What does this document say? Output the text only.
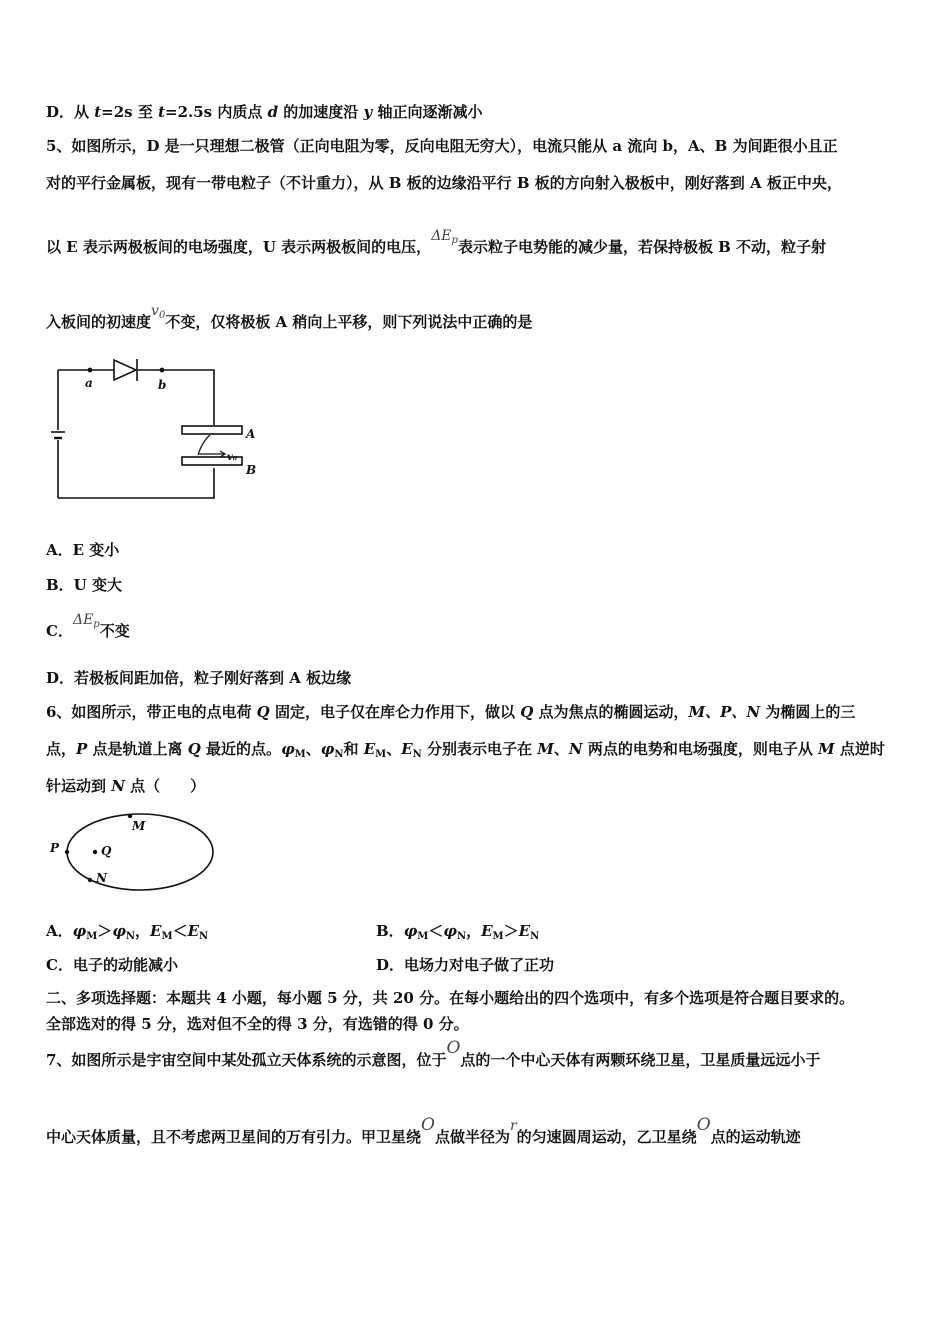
D．从 t=2s 至 t=2.5s 内质点 d 的加速度沿 y 轴正向逐渐减小
5、如图所示，D 是一只理想二极管（正向电阻为零，反向电阻无穷大），电流只能从 a 流向 b，A、B 为间距很小且正
对的平行金属板，现有一带电粒子（不计重力），从 B 板的边缘沿平行 B 板的方向射入极板中，刚好落到 A 板正中央，
以 E 表示两极板间的电场强度，U 表示两极板间的电压，$\Delta E_p$表示粒子电势能的减少量，若保持极板 B 不动，粒子射
入板间的初速度$v_0$不变，仅将极板 A 稍向上平移，则下列说法中正确的是
a	b
A
B
v₀
A．E 变小
B．U 变大
C．$\Delta E_p$不变
D．若极板间距加倍，粒子刚好落到 A 板边缘
6、如图所示，带正电的点电荷 Q 固定，电子仅在库仑力作用下，做以 Q 点为焦点的椭圆运动，M、P、N 为椭圆上的三
点，P 点是轨道上离 Q 最近的点。$\varphi_M$、$\varphi_N$和 $E_M$、$E_N$ 分别表示电子在 M、N 两点的电势和电场强度，则电子从 M 点逆时
针运动到 N 点（　　）
P	Q
M
N
A．$\varphi_M>\varphi_N$，$E_M<E_N$	B．$\varphi_M<\varphi_N$，$E_M>E_N$
C．电子的动能减小	D．电场力对电子做了正功
二、多项选择题：本题共 4 小题，每小题 5 分，共 20 分。在每小题给出的四个选项中，有多个选项是符合题目要求的。
全部选对的得 5 分，选对但不全的得 3 分，有选错的得 0 分。
7、如图所示是宇宙空间中某处孤立天体系统的示意图，位于O点的一个中心天体有两颗环绕卫星，卫星质量远远小于
中心天体质量，且不考虑两卫星间的万有引力。甲卫星绕O点做半径为r的匀速圆周运动，乙卫星绕O点的运动轨迹
